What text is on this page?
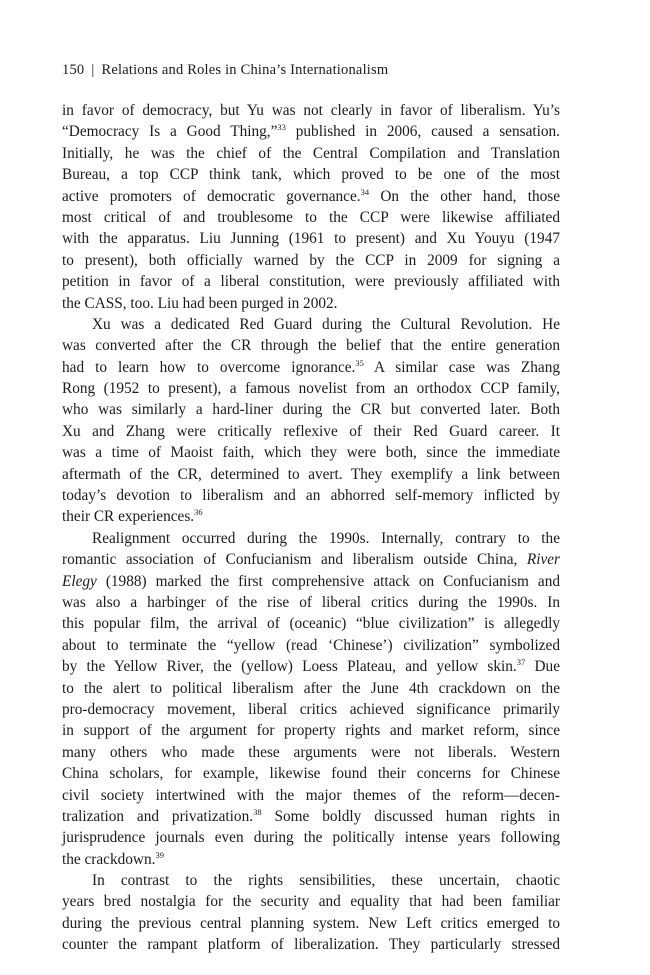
150 | Relations and Roles in China’s Internationalism
in favor of democracy, but Yu was not clearly in favor of liberalism. Yu’s
“Democracy Is a Good Thing,”$^{33}$ published in 2006, caused a sensation.
Initially, he was the chief of the Central Compilation and Translation
Bureau, a top CCP think tank, which proved to be one of the most
active promoters of democratic governance.$^{34}$ On the other hand, those
most critical of and troublesome to the CCP were likewise affiliated
with the apparatus. Liu Junning (1961 to present) and Xu Youyu (1947
to present), both officially warned by the CCP in 2009 for signing a
petition in favor of a liberal constitution, were previously affiliated with
the CASS, too. Liu had been purged in 2002.
Xu was a dedicated Red Guard during the Cultural Revolution. He
was converted after the CR through the belief that the entire generation
had to learn how to overcome ignorance.$^{35}$ A similar case was Zhang
Rong (1952 to present), a famous novelist from an orthodox CCP family,
who was similarly a hard-liner during the CR but converted later. Both
Xu and Zhang were critically reflexive of their Red Guard career. It
was a time of Maoist faith, which they were both, since the immediate
aftermath of the CR, determined to avert. They exemplify a link between
today’s devotion to liberalism and an abhorred self-memory inflicted by
their CR experiences.$^{36}$
Realignment occurred during the 1990s. Internally, contrary to the
romantic association of Confucianism and liberalism outside China, River
Elegy (1988) marked the first comprehensive attack on Confucianism and
was also a harbinger of the rise of liberal critics during the 1990s. In
this popular film, the arrival of (oceanic) “blue civilization” is allegedly
about to terminate the “yellow (read ‘Chinese’) civilization” symbolized
by the Yellow River, the (yellow) Loess Plateau, and yellow skin.$^{37}$ Due
to the alert to political liberalism after the June 4th crackdown on the
pro-democracy movement, liberal critics achieved significance primarily
in support of the argument for property rights and market reform, since
many others who made these arguments were not liberals. Western
China scholars, for example, likewise found their concerns for Chinese
civil society intertwined with the major themes of the reform—decen-
tralization and privatization.$^{38}$ Some boldly discussed human rights in
jurisprudence journals even during the politically intense years following
the crackdown.$^{39}$
In contrast to the rights sensibilities, these uncertain, chaotic
years bred nostalgia for the security and equality that had been familiar
during the previous central planning system. New Left critics emerged to
counter the rampant platform of liberalization. They particularly stressed
